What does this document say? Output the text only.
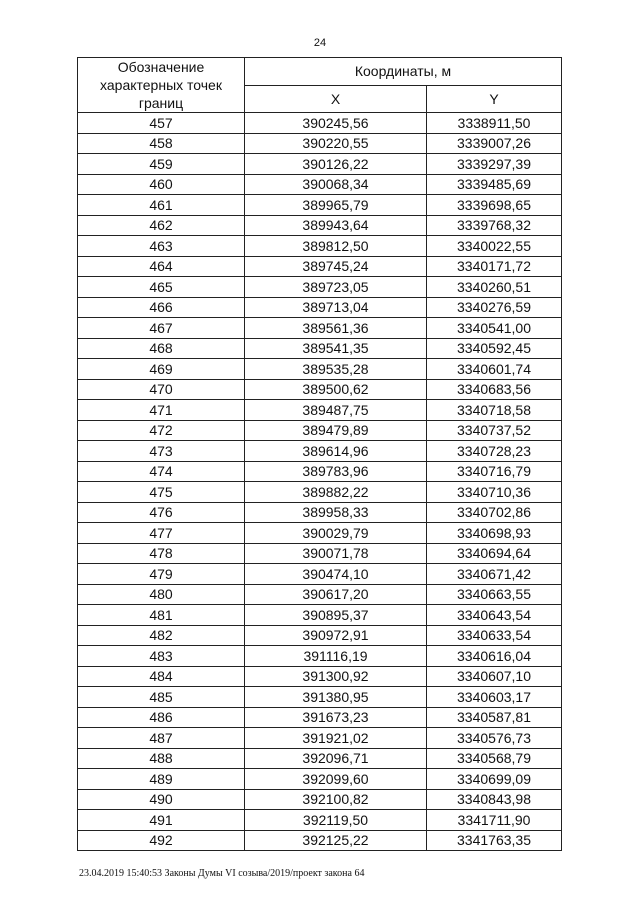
24
Обозначение характерных точек границ	Координаты, м	
	X	Y
457	390245,56	3338911,50
458	390220,55	3339007,26
459	390126,22	3339297,39
460	390068,34	3339485,69
461	389965,79	3339698,65
462	389943,64	3339768,32
463	389812,50	3340022,55
464	389745,24	3340171,72
465	389723,05	3340260,51
466	389713,04	3340276,59
467	389561,36	3340541,00
468	389541,35	3340592,45
469	389535,28	3340601,74
470	389500,62	3340683,56
471	389487,75	3340718,58
472	389479,89	3340737,52
473	389614,96	3340728,23
474	389783,96	3340716,79
475	389882,22	3340710,36
476	389958,33	3340702,86
477	390029,79	3340698,93
478	390071,78	3340694,64
479	390474,10	3340671,42
480	390617,20	3340663,55
481	390895,37	3340643,54
482	390972,91	3340633,54
483	391116,19	3340616,04
484	391300,92	3340607,10
485	391380,95	3340603,17
486	391673,23	3340587,81
487	391921,02	3340576,73
488	392096,71	3340568,79
489	392099,60	3340699,09
490	392100,82	3340843,98
491	392119,50	3341711,90
492	392125,22	3341763,35
23.04.2019 15:40:53 Законы Думы VI созыва/2019/проект закона 64
